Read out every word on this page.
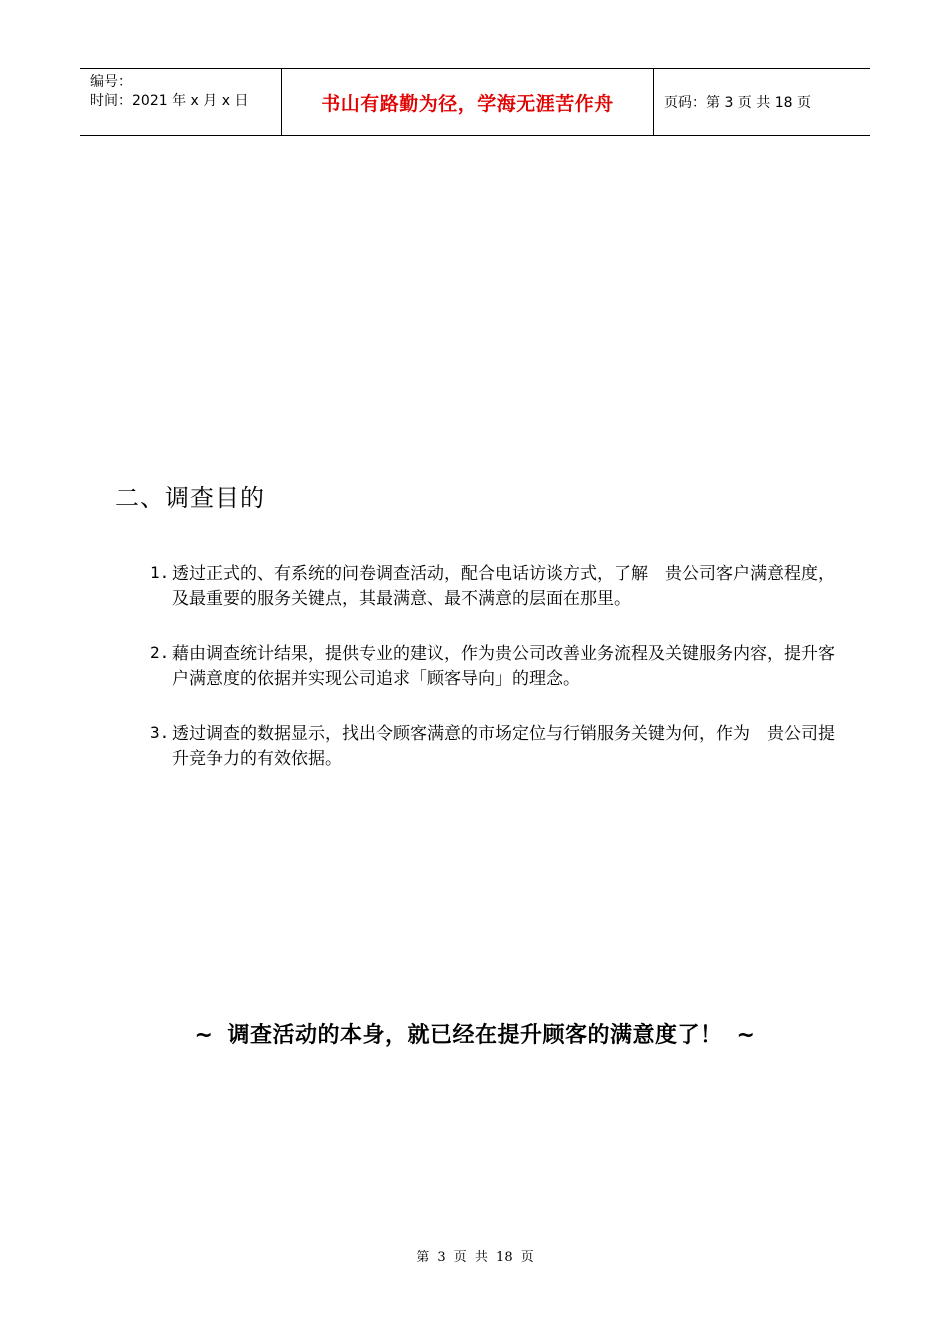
编号：
时间：2021 年 x 月 x 日	书山有路勤为径，学海无涯苦作舟	页码：第 3 页 共 18 页
二、调查目的
1. 透过正式的、有系统的问卷调查活动，配合电话访谈方式，了解　贵公司客户满意程度，及最重要的服务关键点，其最满意、最不满意的层面在那里。
2. 藉由调查统计结果，提供专业的建议，作为贵公司改善业务流程及关键服务内容，提升客户满意度的依据并实现公司追求「顾客导向」的理念。
3. 透过调查的数据显示，找出令顾客满意的市场定位与行销服务关键为何，作为　贵公司提升竞争力的有效依据。
~ 调查活动的本身，就已经在提升顾客的满意度了！ ~
第 3 页 共 18 页
